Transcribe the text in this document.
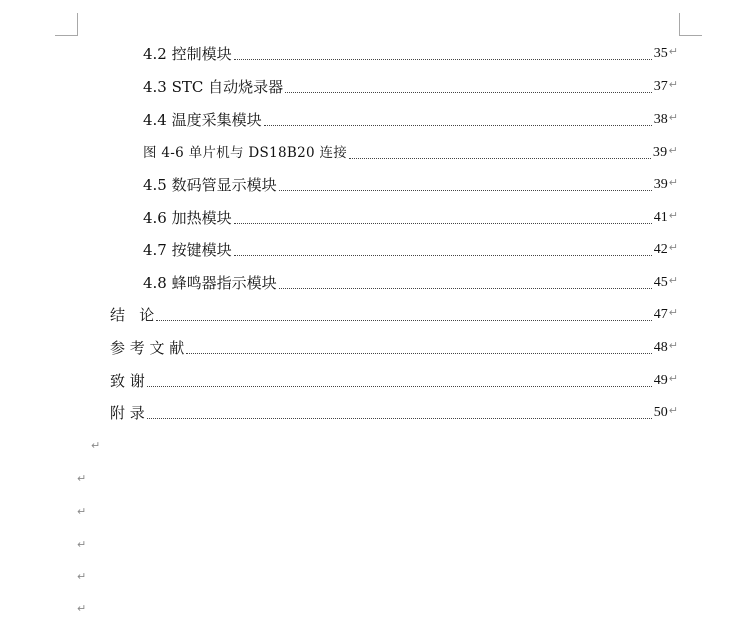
4.2 控制模块	35 ↵
4.3 STC 自动烧录器	37 ↵
4.4 温度采集模块	38 ↵
图 4-6 单片机与 DS18B20 连接	39 ↵
4.5 数码管显示模块	39 ↵
4.6 加热模块	41 ↵
4.7 按键模块	42 ↵
4.8 蜂鸣器指示模块	45 ↵
结   论	47 ↵
参 考 文 献	48 ↵
致 谢	49 ↵
附 录	50 ↵
↵
↵
↵
↵
↵
↵
